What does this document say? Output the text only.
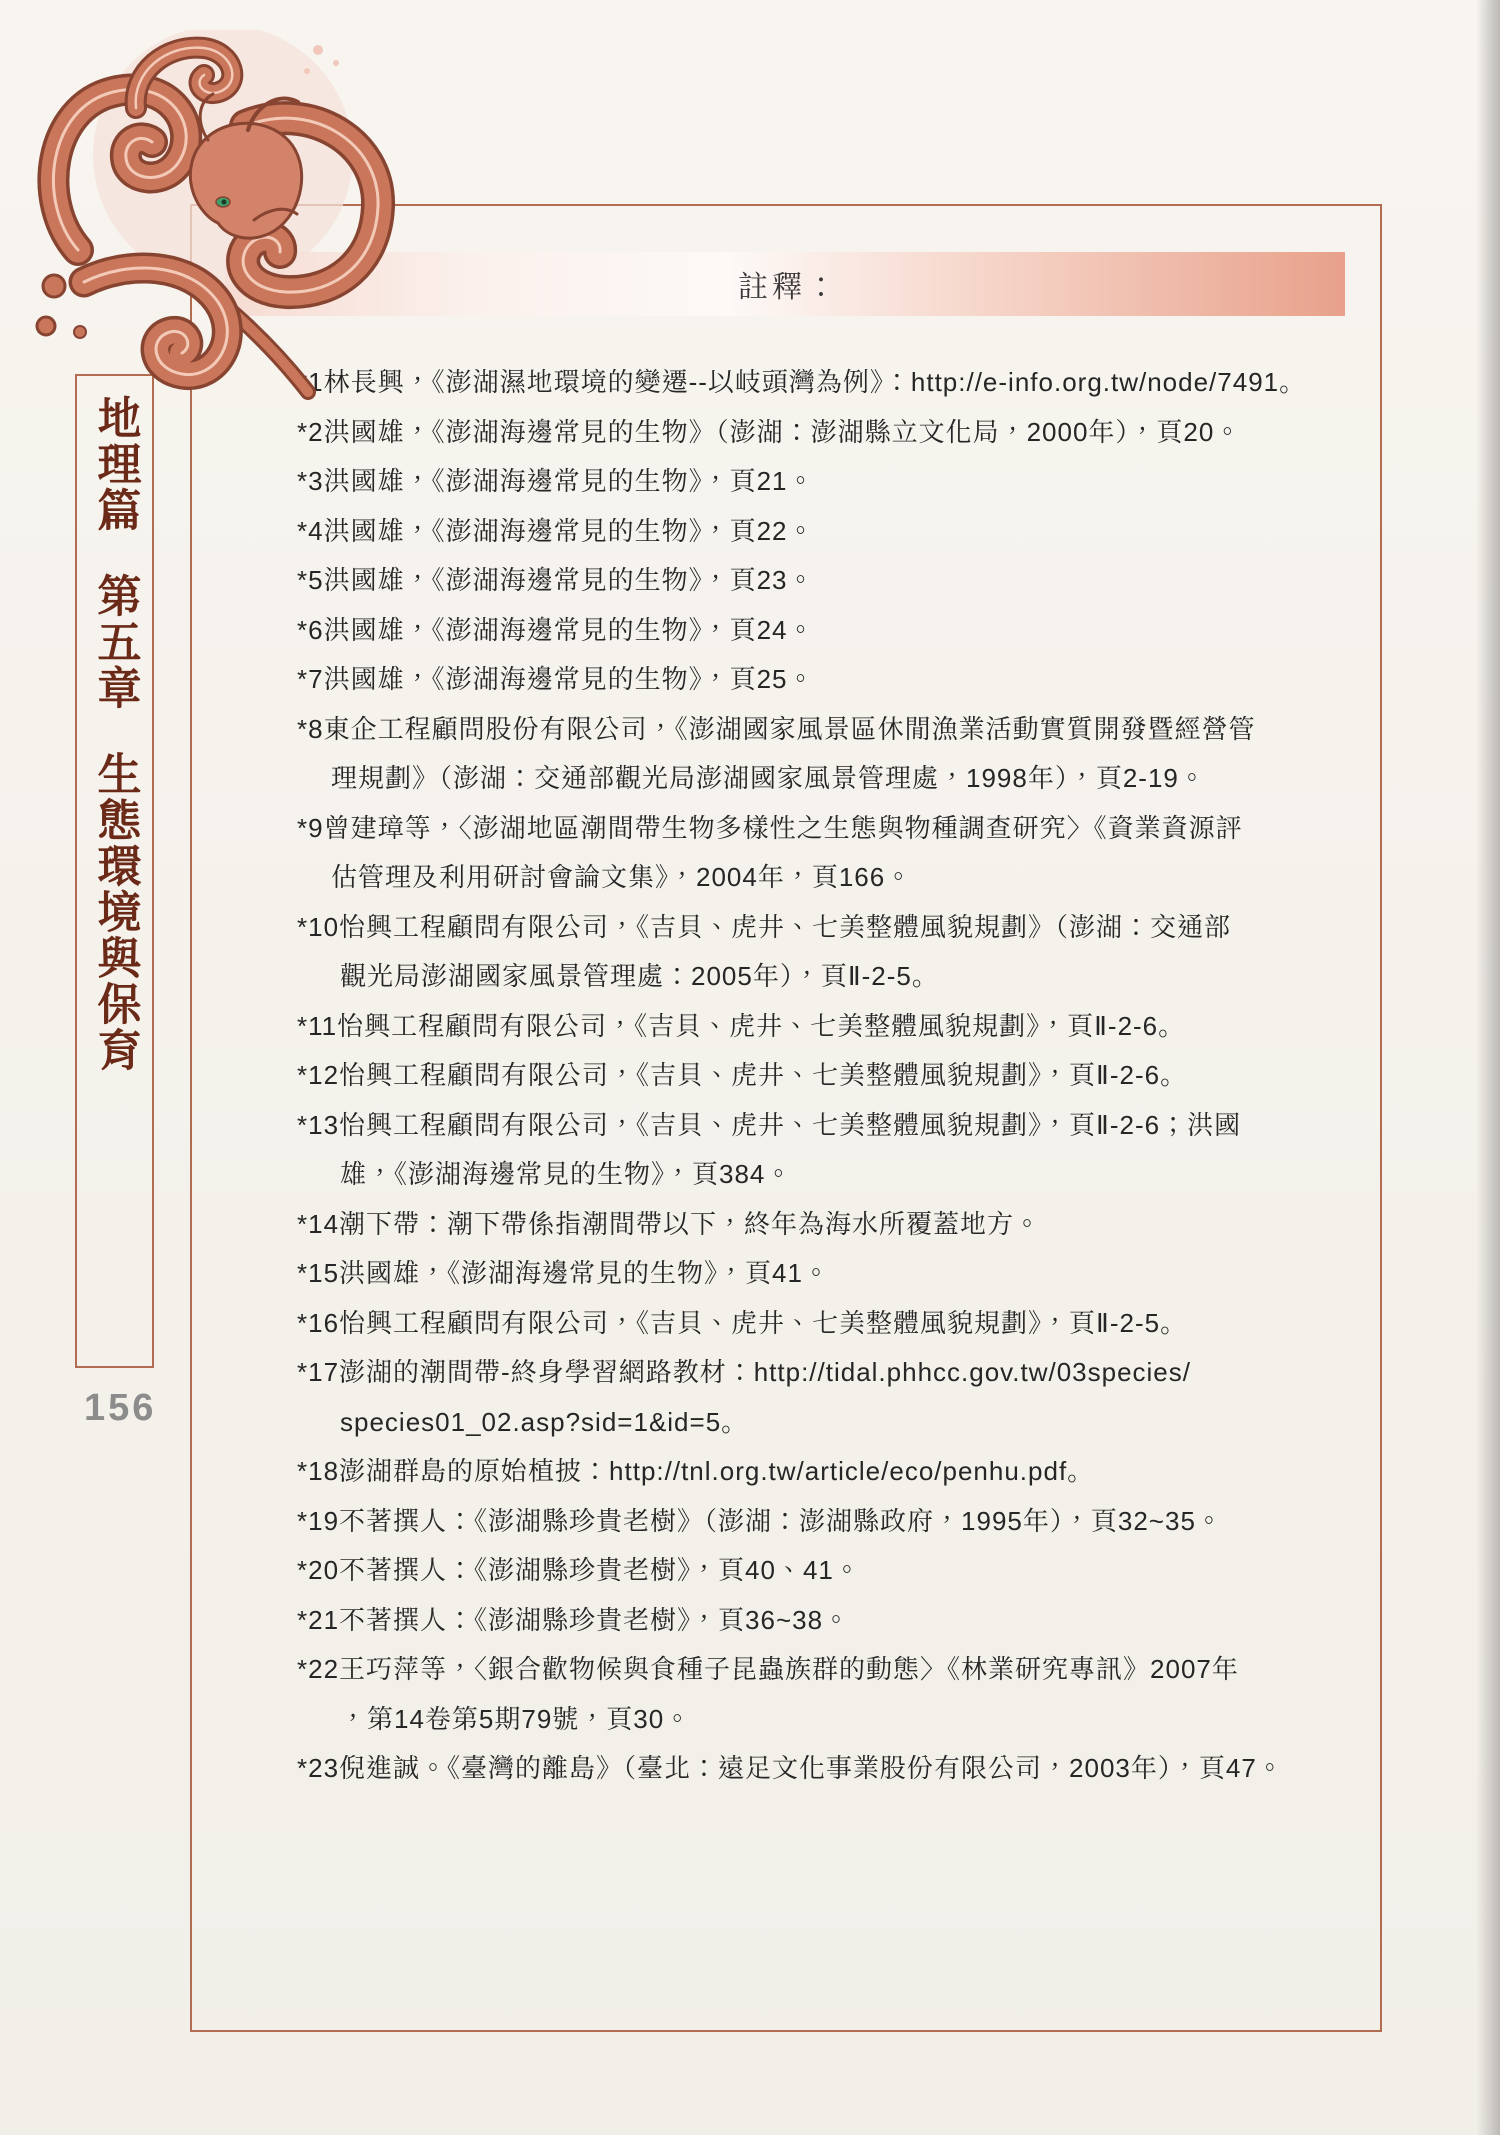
註釋：
地理篇
第五章
生態環境與保育
156
*1林長興，《澎湖濕地環境的變遷--以岐頭灣為例》：http://e-info.org.tw/node/7491。
*2洪國雄，《澎湖海邊常見的生物》（澎湖：澎湖縣立文化局，2000年），頁20。
*3洪國雄，《澎湖海邊常見的生物》，頁21。
*4洪國雄，《澎湖海邊常見的生物》，頁22。
*5洪國雄，《澎湖海邊常見的生物》，頁23。
*6洪國雄，《澎湖海邊常見的生物》，頁24。
*7洪國雄，《澎湖海邊常見的生物》，頁25。
*8東企工程顧問股份有限公司，《澎湖國家風景區休閒漁業活動實質開發暨經營管
理規劃》（澎湖：交通部觀光局澎湖國家風景管理處，1998年），頁2-19。
*9曾建璋等，〈澎湖地區潮間帶生物多樣性之生態與物種調查研究〉《資業資源評
估管理及利用研討會論文集》，2004年，頁166。
*10怡興工程顧問有限公司，《吉貝、虎井、七美整體風貌規劃》（澎湖：交通部
觀光局澎湖國家風景管理處：2005年），頁Ⅱ-2-5。
*11怡興工程顧問有限公司，《吉貝、虎井、七美整體風貌規劃》，頁Ⅱ-2-6。
*12怡興工程顧問有限公司，《吉貝、虎井、七美整體風貌規劃》，頁Ⅱ-2-6。
*13怡興工程顧問有限公司，《吉貝、虎井、七美整體風貌規劃》，頁Ⅱ-2-6；洪國
雄，《澎湖海邊常見的生物》，頁384。
*14潮下帶：潮下帶係指潮間帶以下，終年為海水所覆蓋地方。
*15洪國雄，《澎湖海邊常見的生物》，頁41。
*16怡興工程顧問有限公司，《吉貝、虎井、七美整體風貌規劃》，頁Ⅱ-2-5。
*17澎湖的潮間帶-終身學習網路教材：http://tidal.phhcc.gov.tw/03species/
species01_02.asp?sid=1&id=5。
*18澎湖群島的原始植披：http://tnl.org.tw/article/eco/penhu.pdf。
*19不著撰人：《澎湖縣珍貴老樹》（澎湖：澎湖縣政府，1995年），頁32~35。
*20不著撰人：《澎湖縣珍貴老樹》，頁40、41。
*21不著撰人：《澎湖縣珍貴老樹》，頁36~38。
*22王巧萍等，〈銀合歡物候與食種子昆蟲族群的動態〉《林業研究專訊》2007年
，第14卷第5期79號，頁30。
*23倪進誠。《臺灣的離島》（臺北：遠足文化事業股份有限公司，2003年），頁47。
